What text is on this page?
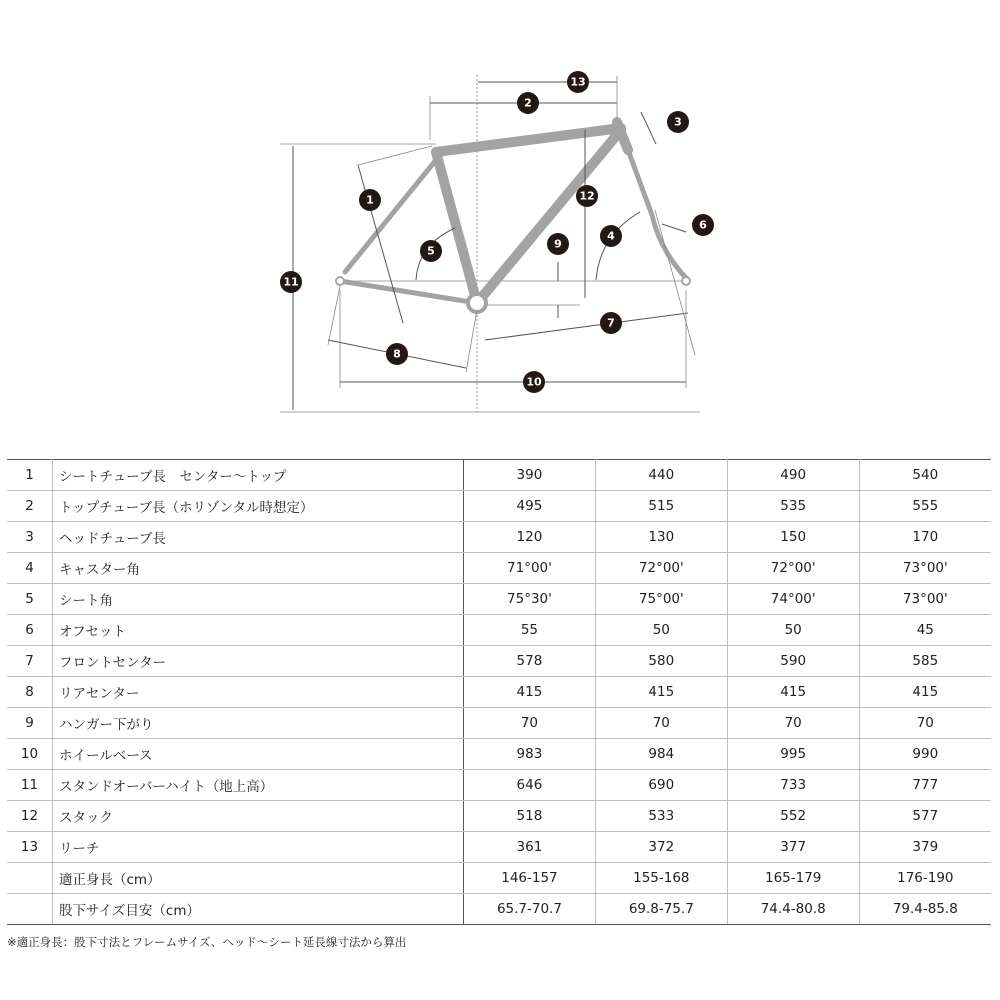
1
2
3
4
5
6
7
8
9
10
11
12
13
1	シートチューブ長　センター〜トップ	390	440	490	540
2	トップチューブ長（ホリゾンタル時想定）	495	515	535	555
3	ヘッドチューブ長	120	130	150	170
4	キャスター角	71°00'	72°00'	72°00'	73°00'
5	シート角	75°30'	75°00'	74°00'	73°00'
6	オフセット	55	50	50	45
7	フロントセンター	578	580	590	585
8	リアセンター	415	415	415	415
9	ハンガー下がり	70	70	70	70
10	ホイールベース	983	984	995	990
11	スタンドオーバーハイト（地上高）	646	690	733	777
12	スタック	518	533	552	577
13	リーチ	361	372	377	379
	適正身長（cm）	146-157	155-168	165-179	176-190
	股下サイズ目安（cm）	65.7-70.7	69.8-75.7	74.4-80.8	79.4-85.8
※適正身長：股下寸法とフレームサイズ、ヘッド〜シート延長線寸法から算出
